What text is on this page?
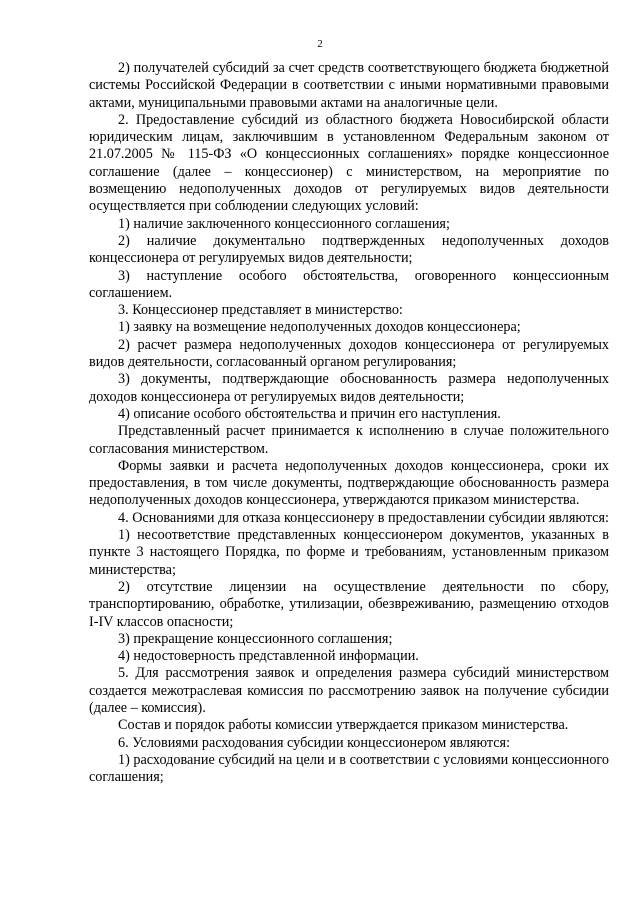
2

2) получателей субсидий за счет средств соответствующего бюджета бюджетной системы Российской Федерации в соответствии с иными нормативными правовыми актами, муниципальными правовыми актами на аналогичные цели.

2. Предоставление субсидий из областного бюджета Новосибирской области юридическим лицам, заключившим в установленном Федеральным законом от 21.07.2005 № 115-ФЗ «О концессионных соглашениях» порядке концессионное соглашение (далее – концессионер) с министерством, на мероприятие по возмещению недополученных доходов от регулируемых видов деятельности осуществляется при соблюдении следующих условий:

1) наличие заключенного концессионного соглашения;

2) наличие документально подтвержденных недополученных доходов концессионера от регулируемых видов деятельности;

3) наступление особого обстоятельства, оговоренного концессионным соглашением.

3. Концессионер представляет в министерство:

1) заявку на возмещение недополученных доходов концессионера;

2) расчет размера недополученных доходов концессионера от регулируемых видов деятельности, согласованный органом регулирования;

3) документы, подтверждающие обоснованность размера недополученных доходов концессионера от регулируемых видов деятельности;

4) описание особого обстоятельства и причин его наступления.

Представленный расчет принимается к исполнению в случае положительного согласования министерством.

Формы заявки и расчета недополученных доходов концессионера, сроки их предоставления, в том числе документы, подтверждающие обоснованность размера недополученных доходов концессионера, утверждаются приказом министерства.

4. Основаниями для отказа концессионеру в предоставлении субсидии являются:

1) несоответствие представленных концессионером документов, указанных в пункте 3 настоящего Порядка, по форме и требованиям, установленным приказом министерства;

2) отсутствие лицензии на осуществление деятельности по сбору, транспортированию, обработке, утилизации, обезвреживанию, размещению отходов I-IV классов опасности;

3) прекращение концессионного соглашения;

4) недостоверность представленной информации.

5. Для рассмотрения заявок и определения размера субсидий министерством создается межотраслевая комиссия по рассмотрению заявок на получение субсидии (далее – комиссия).

Состав и порядок работы комиссии утверждается приказом министерства.

6. Условиями расходования субсидии концессионером являются:

1) расходование субсидий на цели и в соответствии с условиями концессионного соглашения;
